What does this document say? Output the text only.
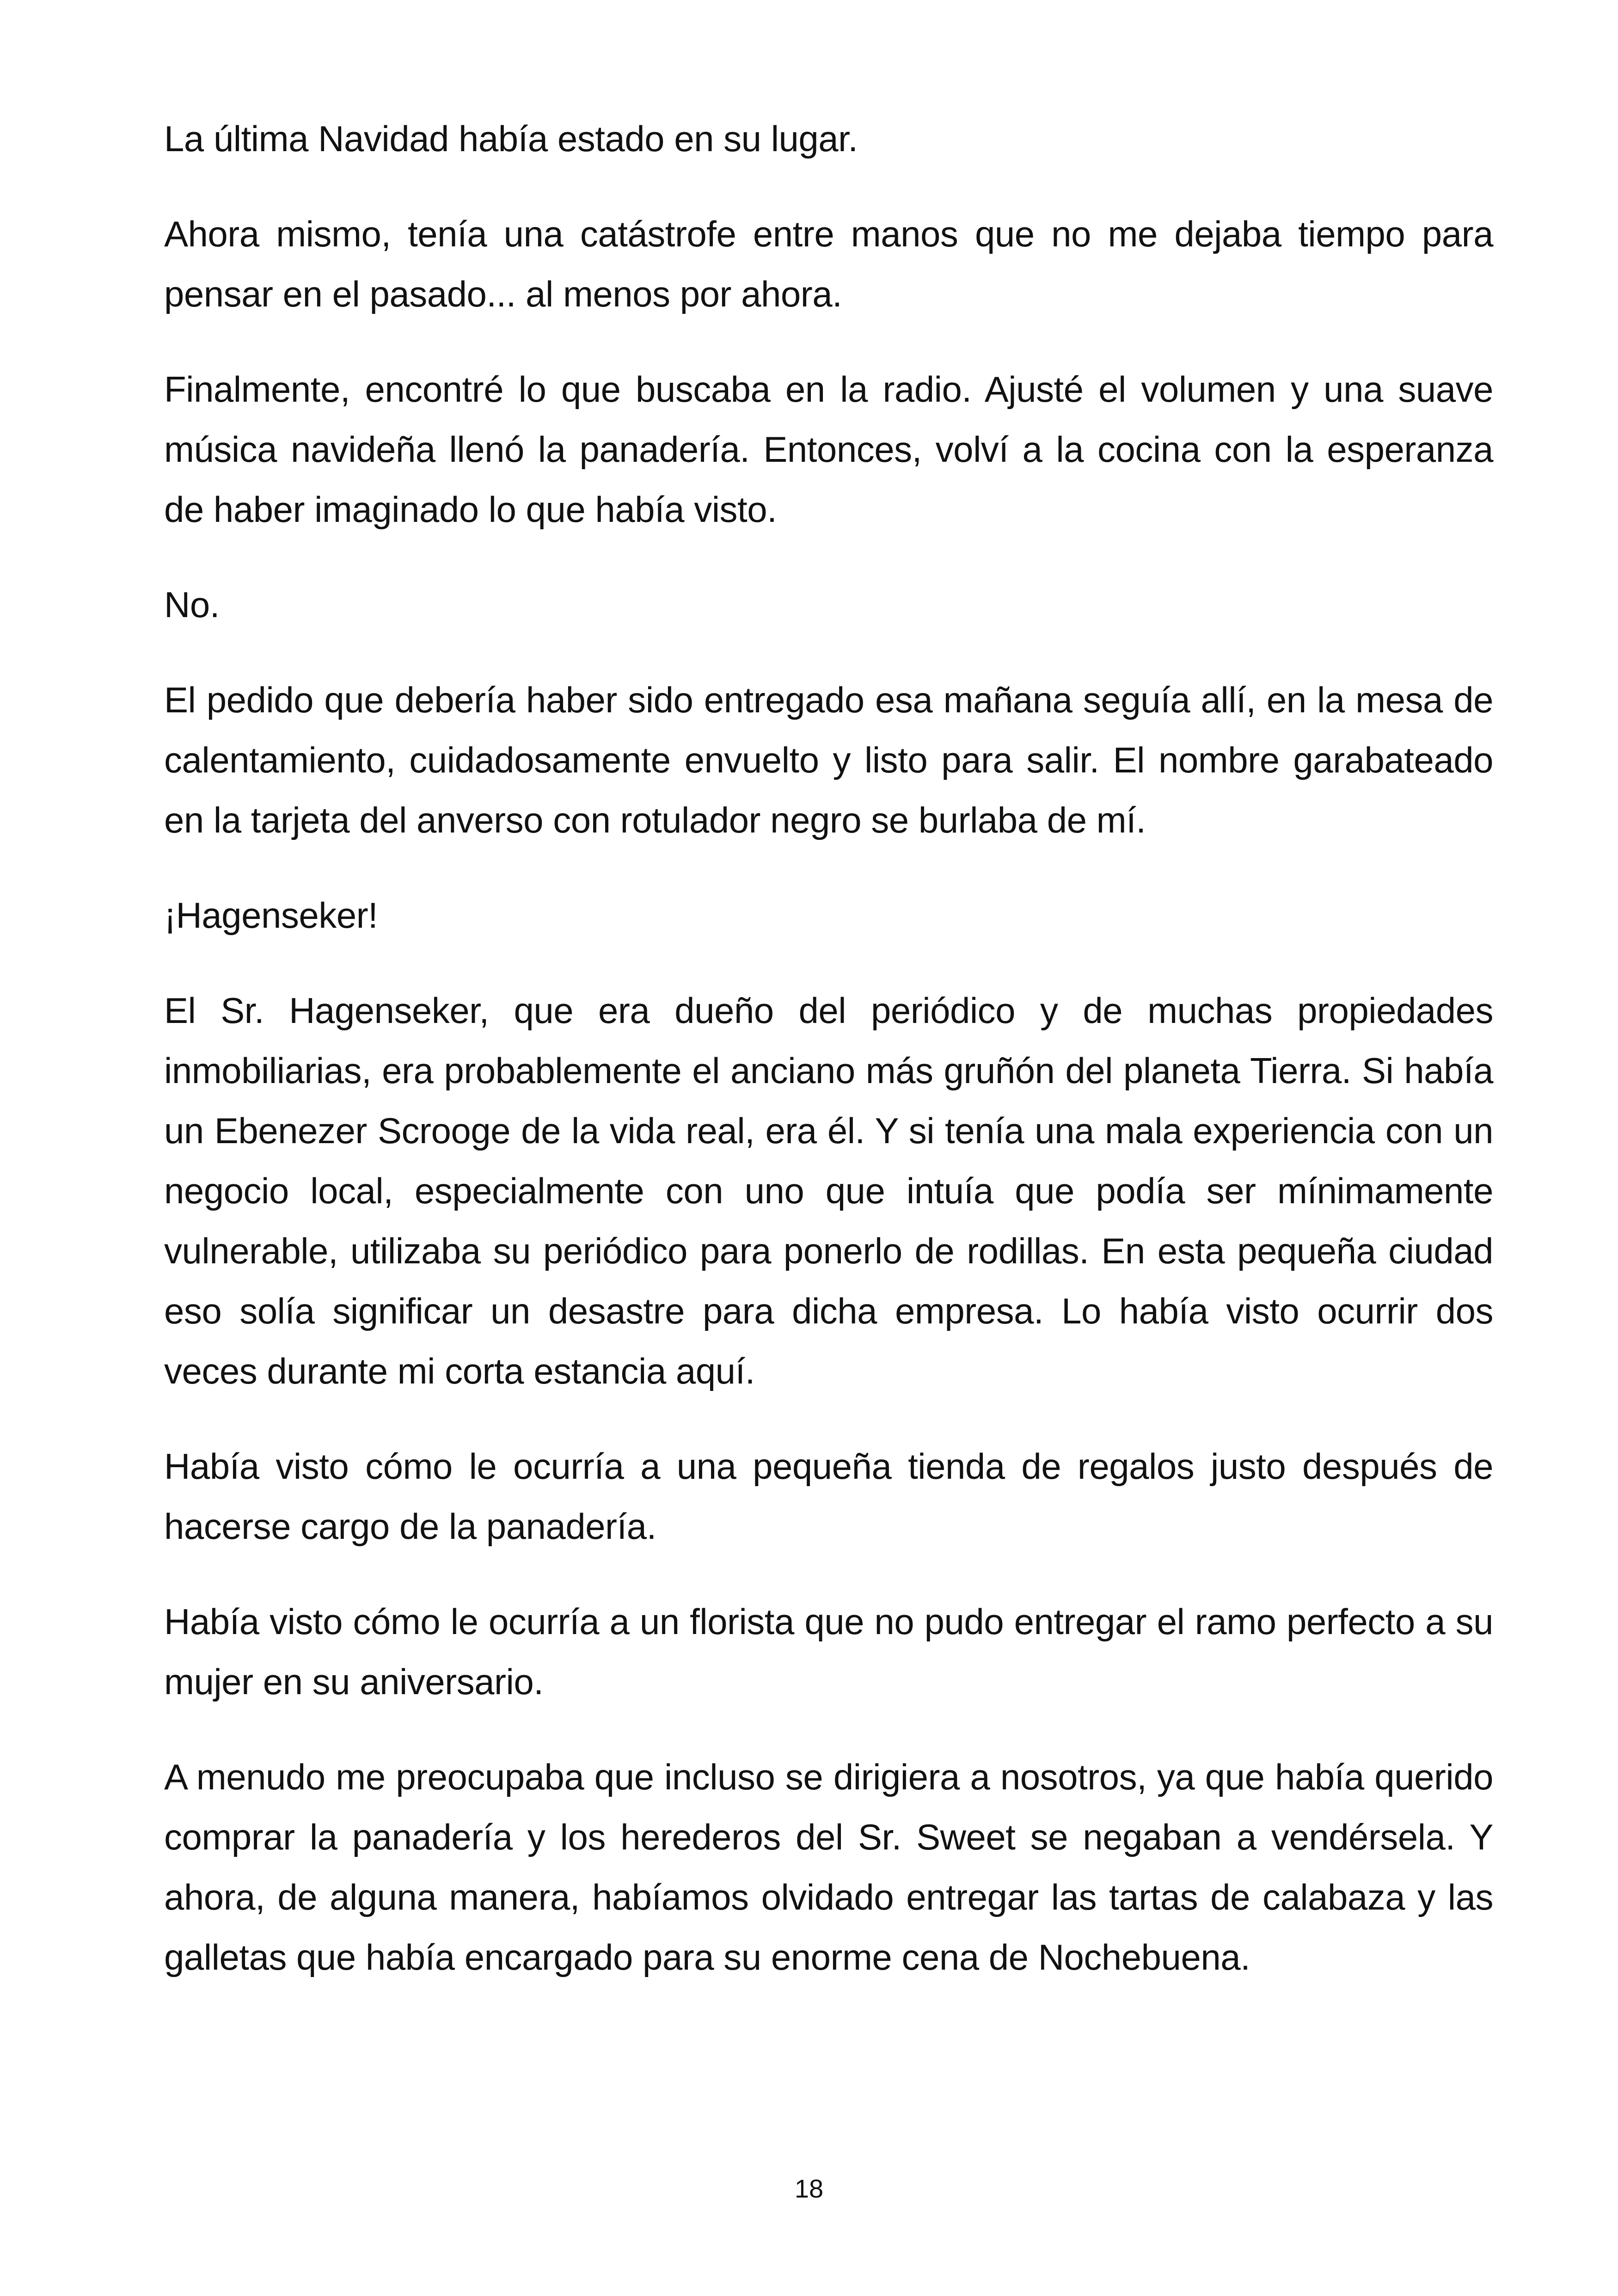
La última Navidad había estado en su lugar.

Ahora mismo, tenía una catástrofe entre manos que no me dejaba tiempo para pensar en el pasado... al menos por ahora.

Finalmente, encontré lo que buscaba en la radio. Ajusté el volumen y una suave música navideña llenó la panadería. Entonces, volví a la cocina con la esperanza de haber imaginado lo que había visto.

No.

El pedido que debería haber sido entregado esa mañana seguía allí, en la mesa de calentamiento, cuidadosamente envuelto y listo para salir. El nombre garabateado en la tarjeta del anverso con rotulador negro se burlaba de mí.

¡Hagenseker!

El Sr. Hagenseker, que era dueño del periódico y de muchas propiedades inmobiliarias, era probablemente el anciano más gruñón del planeta Tierra. Si había un Ebenezer Scrooge de la vida real, era él. Y si tenía una mala experiencia con un negocio local, especialmente con uno que intuía que podía ser mínimamente vulnerable, utilizaba su periódico para ponerlo de rodillas. En esta pequeña ciudad eso solía significar un desastre para dicha empresa. Lo había visto ocurrir dos veces durante mi corta estancia aquí.

Había visto cómo le ocurría a una pequeña tienda de regalos justo después de hacerse cargo de la panadería.

Había visto cómo le ocurría a un florista que no pudo entregar el ramo perfecto a su mujer en su aniversario.

A menudo me preocupaba que incluso se dirigiera a nosotros, ya que había querido comprar la panadería y los herederos del Sr. Sweet se negaban a vendérsela. Y ahora, de alguna manera, habíamos olvidado entregar las tartas de calabaza y las galletas que había encargado para su enorme cena de Nochebuena.

18
